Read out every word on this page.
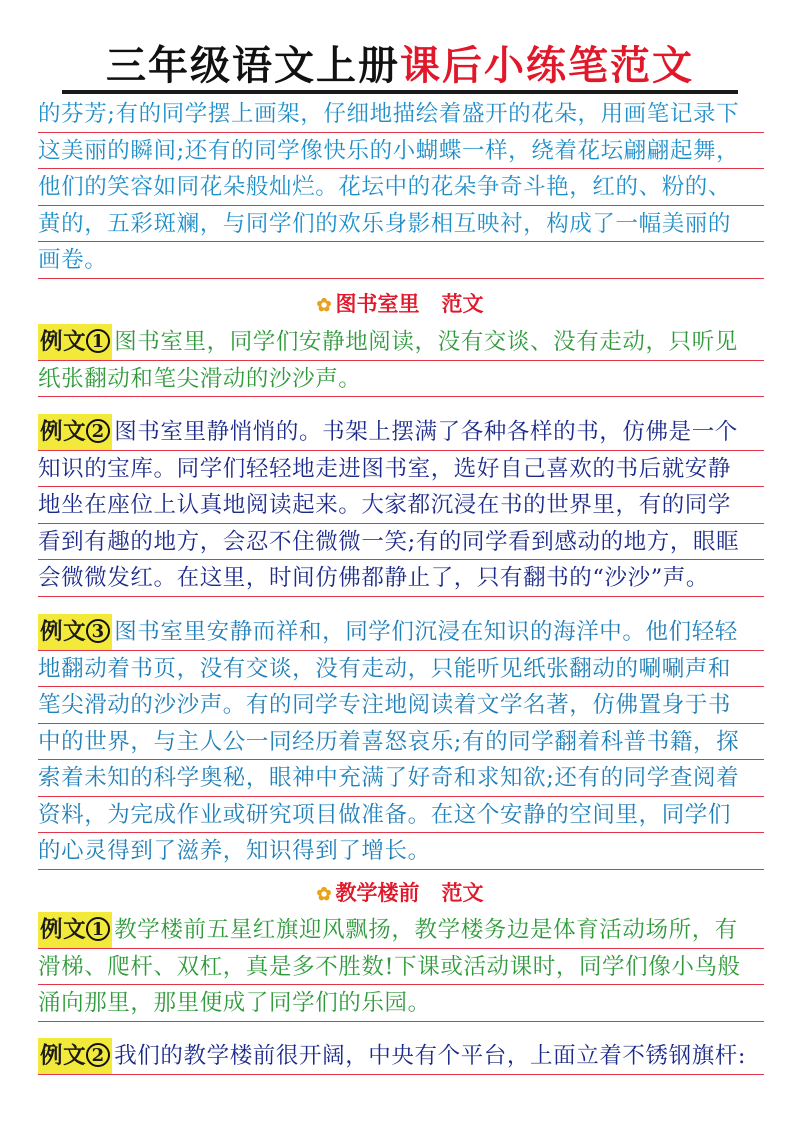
三年级语文上册课后小练笔范文
的芬芳;有的同学摆上画架，仔细地描绘着盛开的花朵，用画笔记录下
这美丽的瞬间;还有的同学像快乐的小蝴蝶一样，绕着花坛翩翩起舞，
他们的笑容如同花朵般灿烂。花坛中的花朵争奇斗艳，红的、粉的、
黄的，五彩斑斓，与同学们的欢乐身影相互映衬，构成了一幅美丽的
画卷。
✿ 图书室里 范文
例文 1 图书室里，同学们安静地阅读，没有交谈、没有走动，只听见
纸张翻动和笔尖滑动的沙沙声。
例文 2 图书室里静悄悄的。书架上摆满了各种各样的书，仿佛是一个
知识的宝库。同学们轻轻地走进图书室，选好自己喜欢的书后就安静
地坐在座位上认真地阅读起来。大家都沉浸在书的世界里，有的同学
看到有趣的地方，会忍不住微微一笑;有的同学看到感动的地方，眼眶
会微微发红。在这里，时间仿佛都静止了，只有翻书的“沙沙”声。
例文 3 图书室里安静而祥和，同学们沉浸在知识的海洋中。他们轻轻
地翻动着书页，没有交谈，没有走动，只能听见纸张翻动的唰唰声和
笔尖滑动的沙沙声。有的同学专注地阅读着文学名著，仿佛置身于书
中的世界，与主人公一同经历着喜怒哀乐;有的同学翻着科普书籍，探
索着未知的科学奥秘，眼神中充满了好奇和求知欲;还有的同学查阅着
资料，为完成作业或研究项目做准备。在这个安静的空间里，同学们
的心灵得到了滋养，知识得到了增长。
✿ 教学楼前 范文
例文 1 教学楼前五星红旗迎风飘扬，教学楼务边是体育活动场所，有
滑梯、爬杆、双杠，真是多不胜数!下课或活动课时，同学们像小鸟般
涌向那里，那里便成了同学们的乐园。
例文 2 我们的教学楼前很开阔，中央有个平台，上面立着不锈钢旗杆:
